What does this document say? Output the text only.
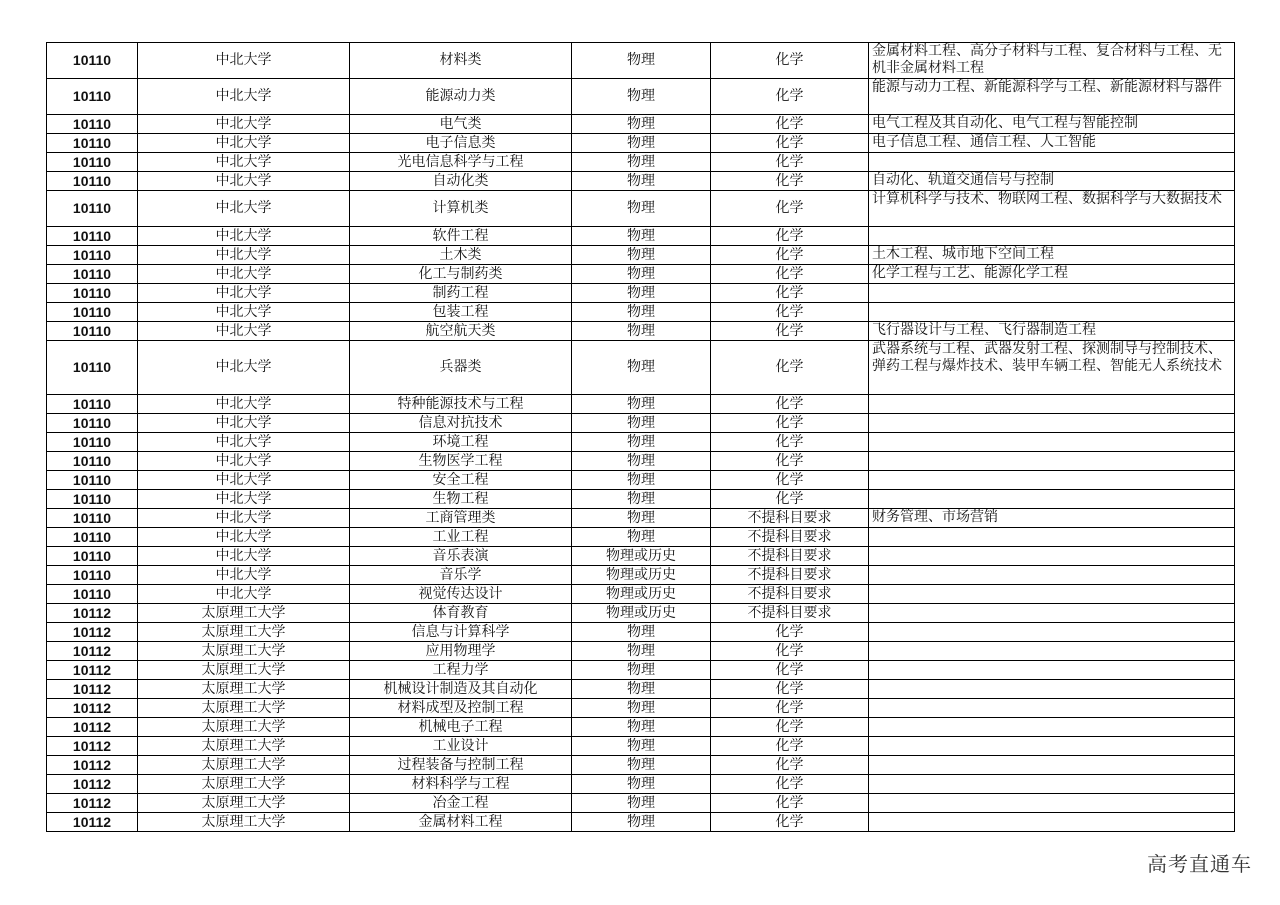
10110	中北大学	材料类	物理	化学	金属材料工程、高分子材料与工程、复合材料与工程、无机非金属材料工程
10110	中北大学	能源动力类	物理	化学	能源与动力工程、新能源科学与工程、新能源材料与器件
10110	中北大学	电气类	物理	化学	电气工程及其自动化、电气工程与智能控制
10110	中北大学	电子信息类	物理	化学	电子信息工程、通信工程、人工智能
10110	中北大学	光电信息科学与工程	物理	化学	
10110	中北大学	自动化类	物理	化学	自动化、轨道交通信号与控制
10110	中北大学	计算机类	物理	化学	计算机科学与技术、物联网工程、数据科学与大数据技术
10110	中北大学	软件工程	物理	化学	
10110	中北大学	土木类	物理	化学	土木工程、城市地下空间工程
10110	中北大学	化工与制药类	物理	化学	化学工程与工艺、能源化学工程
10110	中北大学	制药工程	物理	化学	
10110	中北大学	包装工程	物理	化学	
10110	中北大学	航空航天类	物理	化学	飞行器设计与工程、飞行器制造工程
10110	中北大学	兵器类	物理	化学	武器系统与工程、武器发射工程、探测制导与控制技术、弹药工程与爆炸技术、装甲车辆工程、智能无人系统技术
10110	中北大学	特种能源技术与工程	物理	化学	
10110	中北大学	信息对抗技术	物理	化学	
10110	中北大学	环境工程	物理	化学	
10110	中北大学	生物医学工程	物理	化学	
10110	中北大学	安全工程	物理	化学	
10110	中北大学	生物工程	物理	化学	
10110	中北大学	工商管理类	物理	不提科目要求	财务管理、市场营销
10110	中北大学	工业工程	物理	不提科目要求	
10110	中北大学	音乐表演	物理或历史	不提科目要求	
10110	中北大学	音乐学	物理或历史	不提科目要求	
10110	中北大学	视觉传达设计	物理或历史	不提科目要求	
10112	太原理工大学	体育教育	物理或历史	不提科目要求	
10112	太原理工大学	信息与计算科学	物理	化学	
10112	太原理工大学	应用物理学	物理	化学	
10112	太原理工大学	工程力学	物理	化学	
10112	太原理工大学	机械设计制造及其自动化	物理	化学	
10112	太原理工大学	材料成型及控制工程	物理	化学	
10112	太原理工大学	机械电子工程	物理	化学	
10112	太原理工大学	工业设计	物理	化学	
10112	太原理工大学	过程装备与控制工程	物理	化学	
10112	太原理工大学	材料科学与工程	物理	化学	
10112	太原理工大学	冶金工程	物理	化学	
10112	太原理工大学	金属材料工程	物理	化学	
高考直通车
